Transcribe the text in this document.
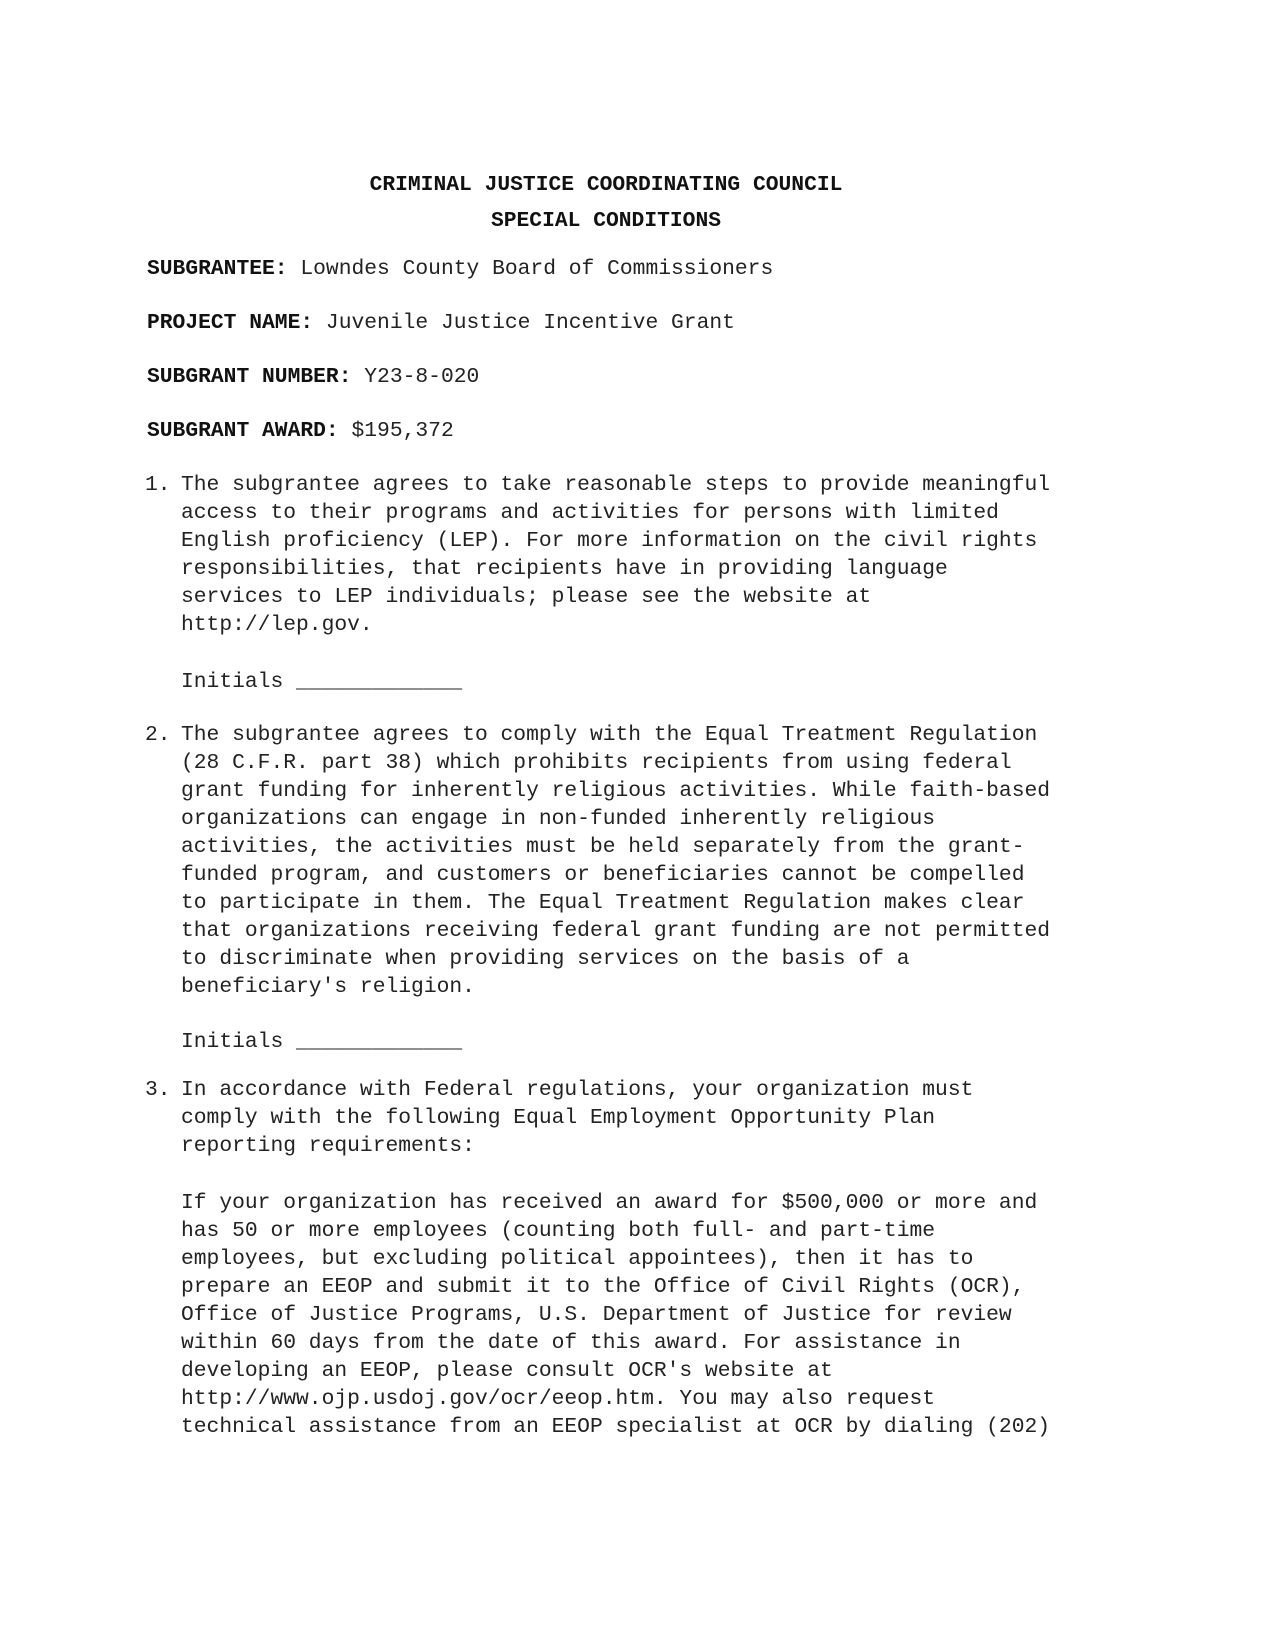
CRIMINAL JUSTICE COORDINATING COUNCIL
SPECIAL CONDITIONS
SUBGRANTEE: Lowndes County Board of Commissioners
PROJECT NAME: Juvenile Justice Incentive Grant
SUBGRANT NUMBER: Y23-8-020
SUBGRANT AWARD: $195,372
1. The subgrantee agrees to take reasonable steps to provide meaningful
access to their programs and activities for persons with limited
English proficiency (LEP). For more information on the civil rights
responsibilities, that recipients have in providing language
services to LEP individuals; please see the website at
http://lep.gov.
Initials _____________
2. The subgrantee agrees to comply with the Equal Treatment Regulation
(28 C.F.R. part 38) which prohibits recipients from using federal
grant funding for inherently religious activities. While faith-based
organizations can engage in non-funded inherently religious
activities, the activities must be held separately from the grant-
funded program, and customers or beneficiaries cannot be compelled
to participate in them. The Equal Treatment Regulation makes clear
that organizations receiving federal grant funding are not permitted
to discriminate when providing services on the basis of a
beneficiary's religion.
Initials _____________
3. In accordance with Federal regulations, your organization must
comply with the following Equal Employment Opportunity Plan
reporting requirements:
If your organization has received an award for $500,000 or more and
has 50 or more employees (counting both full- and part-time
employees, but excluding political appointees), then it has to
prepare an EEOP and submit it to the Office of Civil Rights (OCR),
Office of Justice Programs, U.S. Department of Justice for review
within 60 days from the date of this award. For assistance in
developing an EEOP, please consult OCR's website at
http://www.ojp.usdoj.gov/ocr/eeop.htm. You may also request
technical assistance from an EEOP specialist at OCR by dialing (202)
